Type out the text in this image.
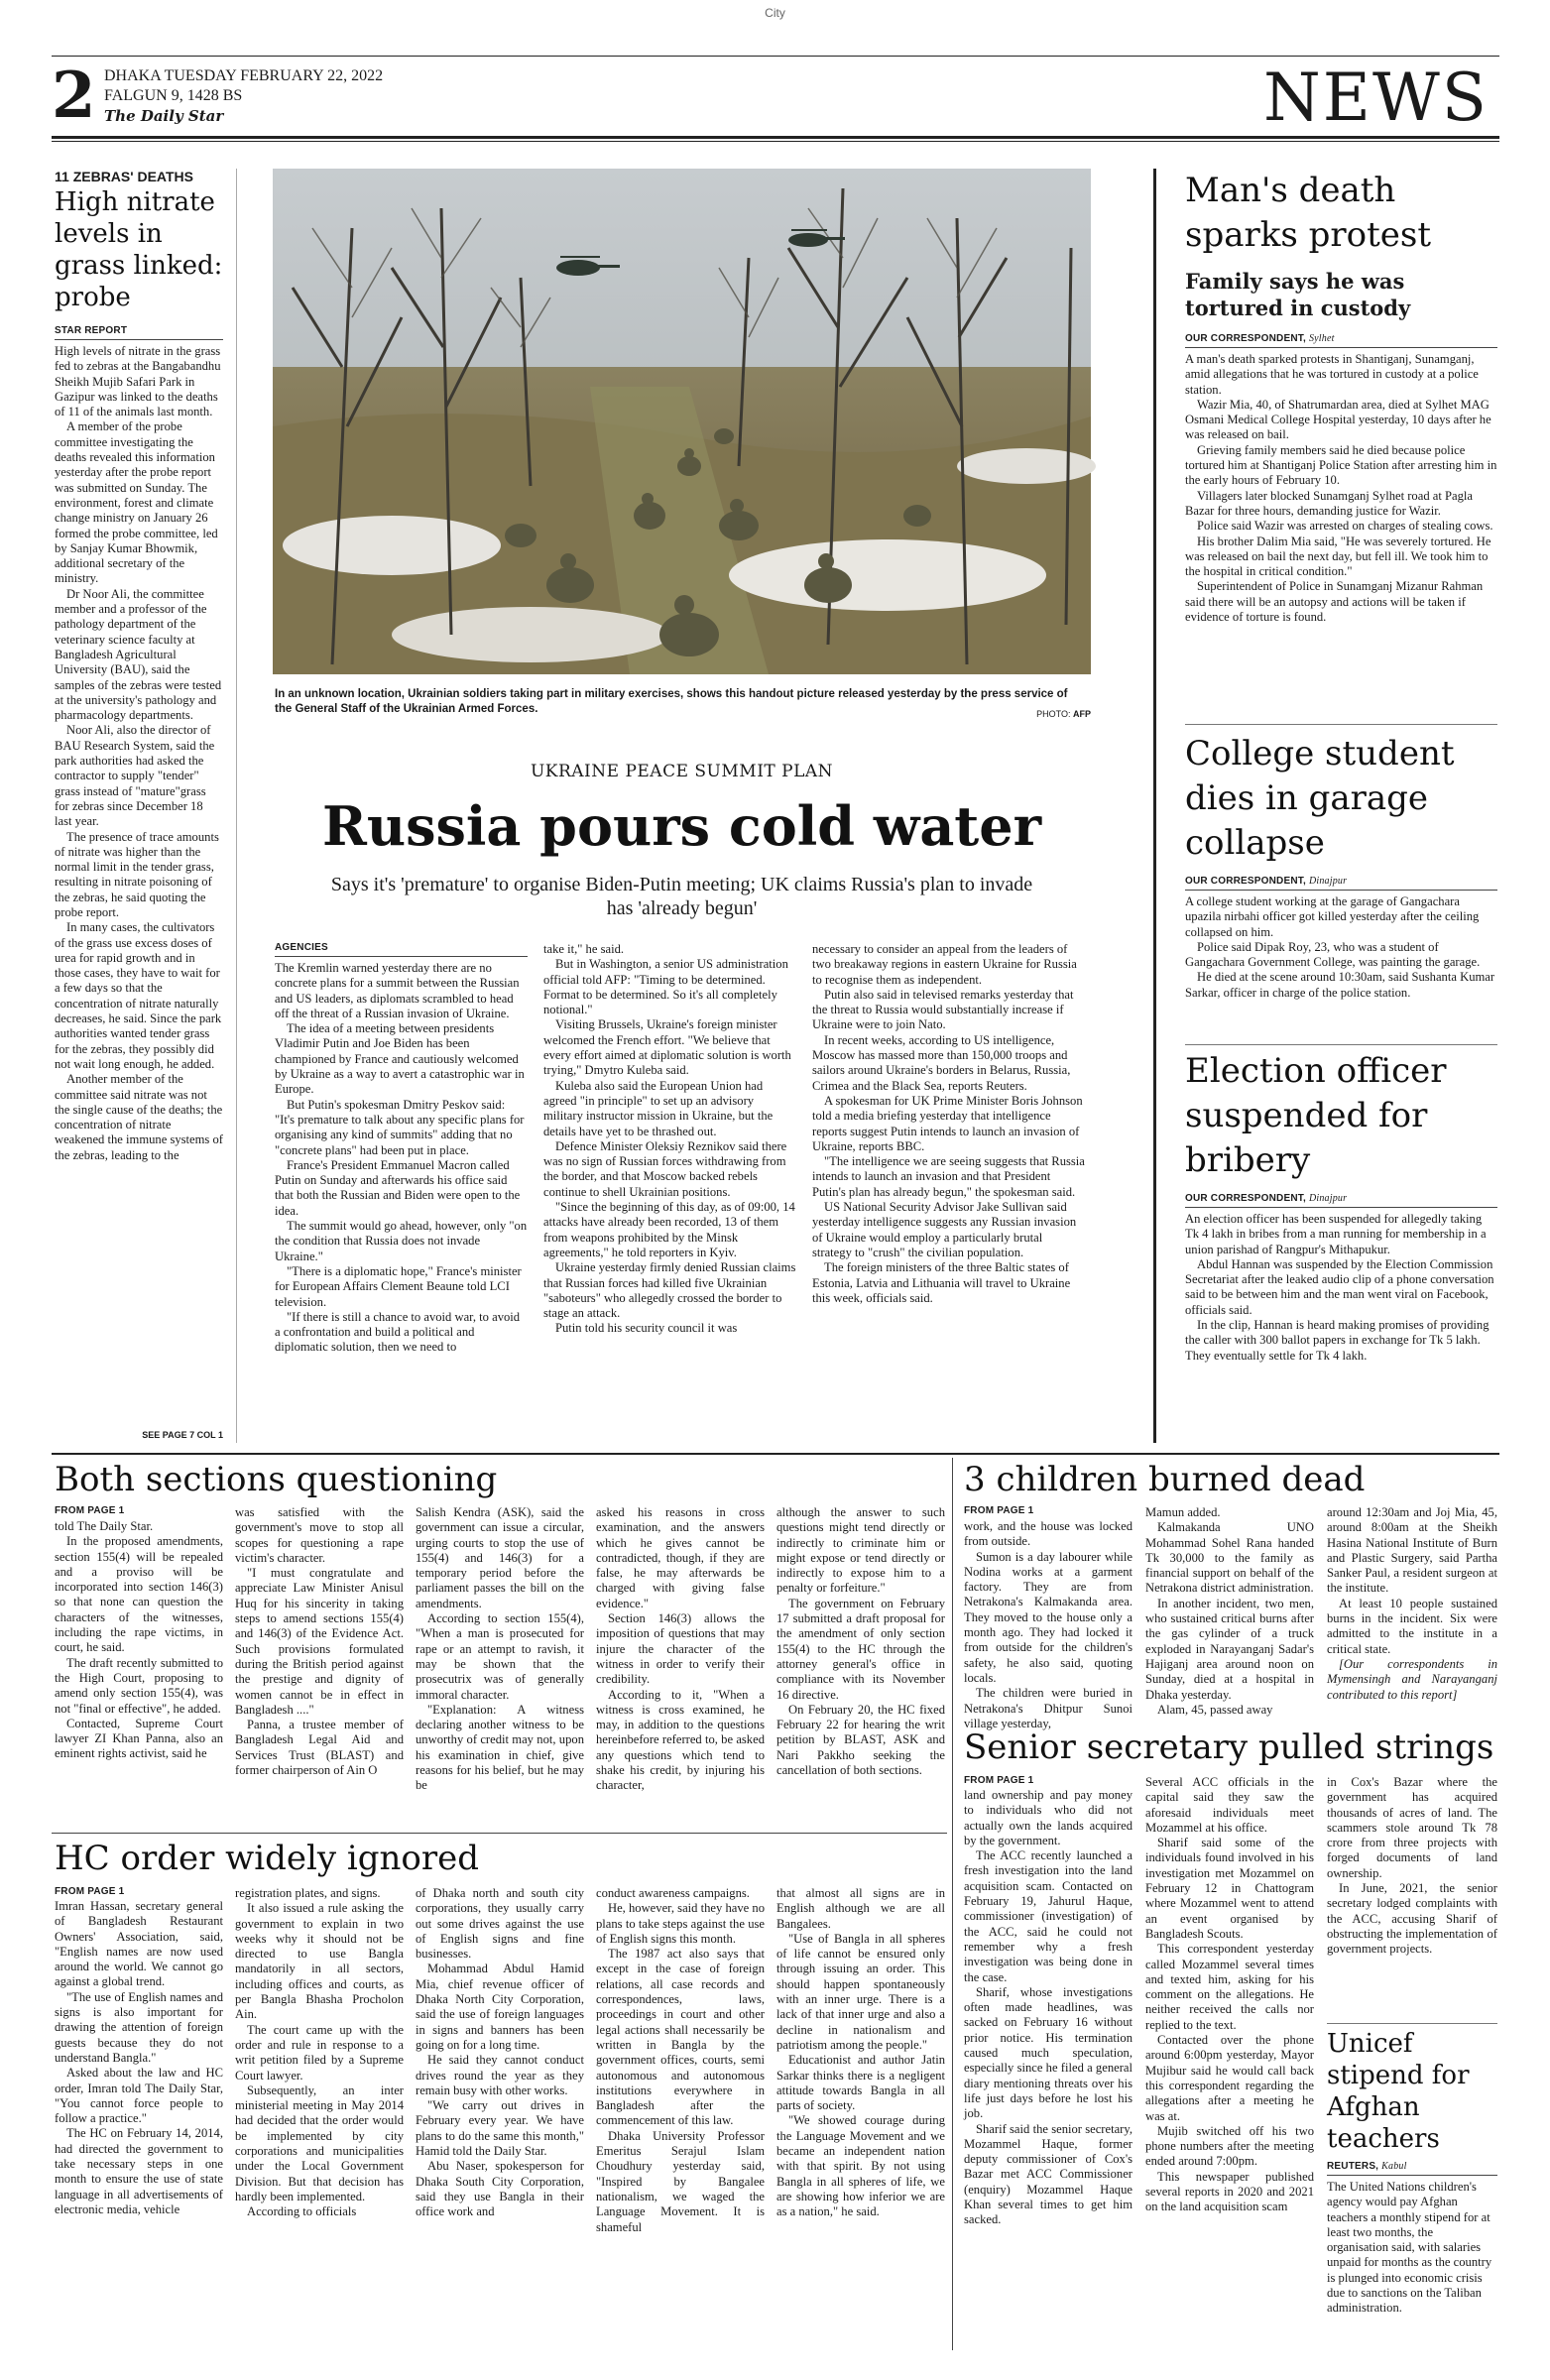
City
2 DHAKA TUESDAY FEBRUARY 22, 2022
FALGUN 9, 1428 BS
The Daily Star	NEWS
11 ZEBRAS' DEATHS
High nitrate levels in grass linked: probe
STAR REPORT

High levels of nitrate in the grass fed to zebras at the Bangabandhu Sheikh Mujib Safari Park in Gazipur was linked to the deaths of 11 of the animals last month.

A member of the probe committee investigating the deaths revealed this information yesterday after the probe report was submitted on Sunday. The environment, forest and climate change ministry on January 26 formed the probe committee, led by Sanjay Kumar Bhowmik, additional secretary of the ministry.

Dr Noor Ali, the committee member and a professor of the pathology department of the veterinary science faculty at Bangladesh Agricultural University (BAU), said the samples of the zebras were tested at the university's pathology and pharmacology departments.

Noor Ali, also the director of BAU Research System, said the park authorities had asked the contractor to supply "tender" grass instead of "mature"grass for zebras since December 18 last year.

The presence of trace amounts of nitrate was higher than the normal limit in the tender grass, resulting in nitrate poisoning of the zebras, he said quoting the probe report.

In many cases, the cultivators of the grass use excess doses of urea for rapid growth and in those cases, they have to wait for a few days so that the concentration of nitrate naturally decreases, he said. Since the park authorities wanted tender grass for the zebras, they possibly did not wait long enough, he added.

Another member of the committee said nitrate was not the single cause of the deaths; the concentration of nitrate weakened the immune systems of the zebras, leading to the

SEE PAGE 7 COL 1
In an unknown location, Ukrainian soldiers taking part in military exercises, shows this handout picture released yesterday by the press service of the General Staff of the Ukrainian Armed Forces.	PHOTO: AFP
UKRAINE PEACE SUMMIT PLAN
Russia pours cold water
Says it's 'premature' to organise Biden-Putin meeting; UK claims Russia's plan to invade has 'already begun'
AGENCIES

The Kremlin warned yesterday there are no concrete plans for a summit between the Russian and US leaders, as diplomats scrambled to head off the threat of a Russian invasion of Ukraine.

The idea of a meeting between presidents Vladimir Putin and Joe Biden has been championed by France and cautiously welcomed by Ukraine as a way to avert a catastrophic war in Europe.

But Putin's spokesman Dmitry Peskov said: "It's premature to talk about any specific plans for organising any kind of summits" adding that no "concrete plans" had been put in place.

France's President Emmanuel Macron called Putin on Sunday and afterwards his office said that both the Russian and Biden were open to the idea.

The summit would go ahead, however, only "on the condition that Russia does not invade Ukraine."

"There is a diplomatic hope," France's minister for European Affairs Clement Beaune told LCI television.

"If there is still a chance to avoid war, to avoid a confrontation and build a political and diplomatic solution, then we need to

take it," he said.

But in Washington, a senior US administration official told AFP: "Timing to be determined. Format to be determined. So it's all completely notional."

Visiting Brussels, Ukraine's foreign minister welcomed the French effort. "We believe that every effort aimed at diplomatic solution is worth trying," Dmytro Kuleba said.

Kuleba also said the European Union had agreed "in principle" to set up an advisory military instructor mission in Ukraine, but the details have yet to be thrashed out.

Defence Minister Oleksiy Reznikov said there was no sign of Russian forces withdrawing from the border, and that Moscow backed rebels continue to shell Ukrainian positions.

"Since the beginning of this day, as of 09:00, 14 attacks have already been recorded, 13 of them from weapons prohibited by the Minsk agreements," he told reporters in Kyiv.

Ukraine yesterday firmly denied Russian claims that Russian forces had killed five Ukrainian "saboteurs" who allegedly crossed the border to stage an attack.

Putin told his security council it was

necessary to consider an appeal from the leaders of two breakaway regions in eastern Ukraine for Russia to recognise them as independent.

Putin also said in televised remarks yesterday that the threat to Russia would substantially increase if Ukraine were to join Nato.

In recent weeks, according to US intelligence, Moscow has massed more than 150,000 troops and sailors around Ukraine's borders in Belarus, Russia, Crimea and the Black Sea, reports Reuters.

A spokesman for UK Prime Minister Boris Johnson told a media briefing yesterday that intelligence reports suggest Putin intends to launch an invasion of Ukraine, reports BBC.

"The intelligence we are seeing suggests that Russia intends to launch an invasion and that President Putin's plan has already begun," the spokesman said.

US National Security Advisor Jake Sullivan said yesterday intelligence suggests any Russian invasion of Ukraine would employ a particularly brutal strategy to "crush" the civilian population.

The foreign ministers of the three Baltic states of Estonia, Latvia and Lithuania will travel to Ukraine this week, officials said.

Man's death sparks protest
Family says he was tortured in custody
OUR CORRESPONDENT, Sylhet

A man's death sparked protests in Shantiganj, Sunamganj, amid allegations that he was tortured in custody at a police station.

Wazir Mia, 40, of Shatrumardan area, died at Sylhet MAG Osmani Medical College Hospital yesterday, 10 days after he was released on bail.

Grieving family members said he died because police tortured him at Shantiganj Police Station after arresting him in the early hours of February 10.

Villagers later blocked Sunamganj Sylhet road at Pagla Bazar for three hours, demanding justice for Wazir.

Police said Wazir was arrested on charges of stealing cows.

His brother Dalim Mia said, "He was severely tortured. He was released on bail the next day, but fell ill. We took him to the hospital in critical condition."

Superintendent of Police in Sunamganj Mizanur Rahman said there will be an autopsy and actions will be taken if evidence of torture is found.

College student dies in garage collapse
OUR CORRESPONDENT, Dinajpur

A college student working at the garage of Gangachara upazila nirbahi officer got killed yesterday after the ceiling collapsed on him.

Police said Dipak Roy, 23, who was a student of Gangachara Government College, was painting the garage.

He died at the scene around 10:30am, said Sushanta Kumar Sarkar, officer in charge of the police station.

Election officer suspended for bribery
OUR CORRESPONDENT, Dinajpur

An election officer has been suspended for allegedly taking Tk 4 lakh in bribes from a man running for membership in a union parishad of Rangpur's Mithapukur.

Abdul Hannan was suspended by the Election Commission Secretariat after the leaked audio clip of a phone conversation said to be between him and the man went viral on Facebook, officials said.

In the clip, Hannan is heard making promises of providing the caller with 300 ballot papers in exchange for Tk 5 lakh. They eventually settle for Tk 4 lakh.

Both sections questioning
FROM PAGE 1

told The Daily Star.

In the proposed amendments, section 155(4) will be repealed and a proviso will be incorporated into section 146(3) so that none can question the characters of the witnesses, including the rape victims, in court, he said.

The draft recently submitted to the High Court, proposing to amend only section 155(4), was not "final or effective", he added.

Contacted, Supreme Court lawyer ZI Khan Panna, also an eminent rights activist, said he

was satisfied with the government's move to stop all scopes for questioning a rape victim's character.

"I must congratulate and appreciate Law Minister Anisul Huq for his sincerity in taking steps to amend sections 155(4) and 146(3) of the Evidence Act. Such provisions formulated during the British period against the prestige and dignity of women cannot be in effect in Bangladesh ...."

Panna, a trustee member of Bangladesh Legal Aid and Services Trust (BLAST) and former chairperson of Ain O

Salish Kendra (ASK), said the government can issue a circular, urging courts to stop the use of 155(4) and 146(3) for a temporary period before the parliament passes the bill on the amendments.

According to section 155(4), "When a man is prosecuted for rape or an attempt to ravish, it may be shown that the prosecutrix was of generally immoral character.

"Explanation: A witness declaring another witness to be unworthy of credit may not, upon his examination in chief, give reasons for his belief, but he may be

asked his reasons in cross examination, and the answers which he gives cannot be contradicted, though, if they are false, he may afterwards be charged with giving false evidence."

Section 146(3) allows the imposition of questions that may injure the character of the witness in order to verify their credibility.

According to it, "When a witness is cross examined, he may, in addition to the questions hereinbefore referred to, be asked any questions which tend to shake his credit, by injuring his character,

although the answer to such questions might tend directly or indirectly to criminate him or might expose or tend directly or indirectly to expose him to a penalty or forfeiture."

The government on February 17 submitted a draft proposal for the amendment of only section 155(4) to the HC through the attorney general's office in compliance with its November 16 directive.

On February 20, the HC fixed February 22 for hearing the writ petition by BLAST, ASK and Nari Pakkho seeking the cancellation of both sections.

3 children burned dead
FROM PAGE 1

work, and the house was locked from outside.

Sumon is a day labourer while Nodina works at a garment factory. They are from Netrakona's Kalmakanda area. They moved to the house only a month ago. They had locked it from outside for the children's safety, he also said, quoting locals.

The children were buried in Netrakona's Dhitpur Sunoi village yesterday,

Mamun added.

Kalmakanda UNO Mohammad Sohel Rana handed Tk 30,000 to the family as financial support on behalf of the Netrakona district administration.

In another incident, two men, who sustained critical burns after the gas cylinder of a truck exploded in Narayanganj Sadar's Hajiganj area around noon on Sunday, died at a hospital in Dhaka yesterday.

Alam, 45, passed away

around 12:30am and Joj Mia, 45, around 8:00am at the Sheikh Hasina National Institute of Burn and Plastic Surgery, said Partha Sanker Paul, a resident surgeon at the institute.

At least 10 people sustained burns in the incident. Six were admitted to the institute in a critical state.

[Our correspondents in Mymensingh and Narayanganj contributed to this report]

Senior secretary pulled strings
FROM PAGE 1

land ownership and pay money to individuals who did not actually own the lands acquired by the government.

The ACC recently launched a fresh investigation into the land acquisition scam. Contacted on February 19, Jahurul Haque, commissioner (investigation) of the ACC, said he could not remember why a fresh investigation was being done in the case.

Sharif, whose investigations often made headlines, was sacked on February 16 without prior notice. His termination caused much speculation, especially since he filed a general diary mentioning threats over his life just days before he lost his job.

Sharif said the senior secretary, Mozammel Haque, former deputy commissioner of Cox's Bazar met ACC Commissioner (enquiry) Mozammel Haque Khan several times to get him sacked.

Several ACC officials in the capital said they saw the aforesaid individuals meet Mozammel at his office.

Sharif said some of the individuals found involved in his investigation met Mozammel on February 12 in Chattogram where Mozammel went to attend an event organised by Bangladesh Scouts.

This correspondent yesterday called Mozammel several times and texted him, asking for his comment on the allegations. He neither received the calls nor replied to the text.

Contacted over the phone around 6:00pm yesterday, Mayor Mujibur said he would call back this correspondent regarding the allegations after a meeting he was at.

Mujib switched off his two phone numbers after the meeting ended around 7:00pm.

This newspaper published several reports in 2020 and 2021 on the land acquisition scam

in Cox's Bazar where the government has acquired thousands of acres of land. The scammers stole around Tk 78 crore from three projects with forged documents of land ownership.

In June, 2021, the senior secretary lodged complaints with the ACC, accusing Sharif of obstructing the implementation of government projects.

Unicef stipend for Afghan teachers
REUTERS, Kabul

The United Nations children's agency would pay Afghan teachers a monthly stipend for at least two months, the organisation said, with salaries unpaid for months as the country is plunged into economic crisis due to sanctions on the Taliban administration.

HC order widely ignored
FROM PAGE 1

Imran Hassan, secretary general of Bangladesh Restaurant Owners' Association, said, "English names are now used around the world. We cannot go against a global trend.

"The use of English names and signs is also important for drawing the attention of foreign guests because they do not understand Bangla."

Asked about the law and HC order, Imran told The Daily Star, "You cannot force people to follow a practice."

The HC on February 14, 2014, had directed the government to take necessary steps in one month to ensure the use of state language in all advertisements of electronic media, vehicle

registration plates, and signs.

It also issued a rule asking the government to explain in two weeks why it should not be directed to use Bangla mandatorily in all sectors, including offices and courts, as per Bangla Bhasha Procholon Ain.

The court came up with the order and rule in response to a writ petition filed by a Supreme Court lawyer.

Subsequently, an inter ministerial meeting in May 2014 had decided that the order would be implemented by city corporations and municipalities under the Local Government Division. But that decision has hardly been implemented.

According to officials

of Dhaka north and south city corporations, they usually carry out some drives against the use of English signs and fine businesses.

Mohammad Abdul Hamid Mia, chief revenue officer of Dhaka North City Corporation, said the use of foreign languages in signs and banners has been going on for a long time.

He said they cannot conduct drives round the year as they remain busy with other works.

"We carry out drives in February every year. We have plans to do the same this month," Hamid told the Daily Star.

Abu Naser, spokesperson for Dhaka South City Corporation, said they use Bangla in their office work and

conduct awareness campaigns.

He, however, said they have no plans to take steps against the use of English signs this month.

The 1987 act also says that except in the case of foreign relations, all case records and correspondences, laws, proceedings in court and other legal actions shall necessarily be written in Bangla by the government offices, courts, semi autonomous and autonomous institutions everywhere in Bangladesh after the commencement of this law.

Dhaka University Professor Emeritus Serajul Islam Choudhury yesterday said, "Inspired by Bangalee nationalism, we waged the Language Movement. It is shameful

that almost all signs are in English although we are all Bangalees.

"Use of Bangla in all spheres of life cannot be ensured only through issuing an order. This should happen spontaneously with an inner urge. There is a lack of that inner urge and also a decline in nationalism and patriotism among the people."

Educationist and author Jatin Sarkar thinks there is a negligent attitude towards Bangla in all parts of society.

"We showed courage during the Language Movement and we became an independent nation with that spirit. By not using Bangla in all spheres of life, we are showing how inferior we are as a nation," he said.
